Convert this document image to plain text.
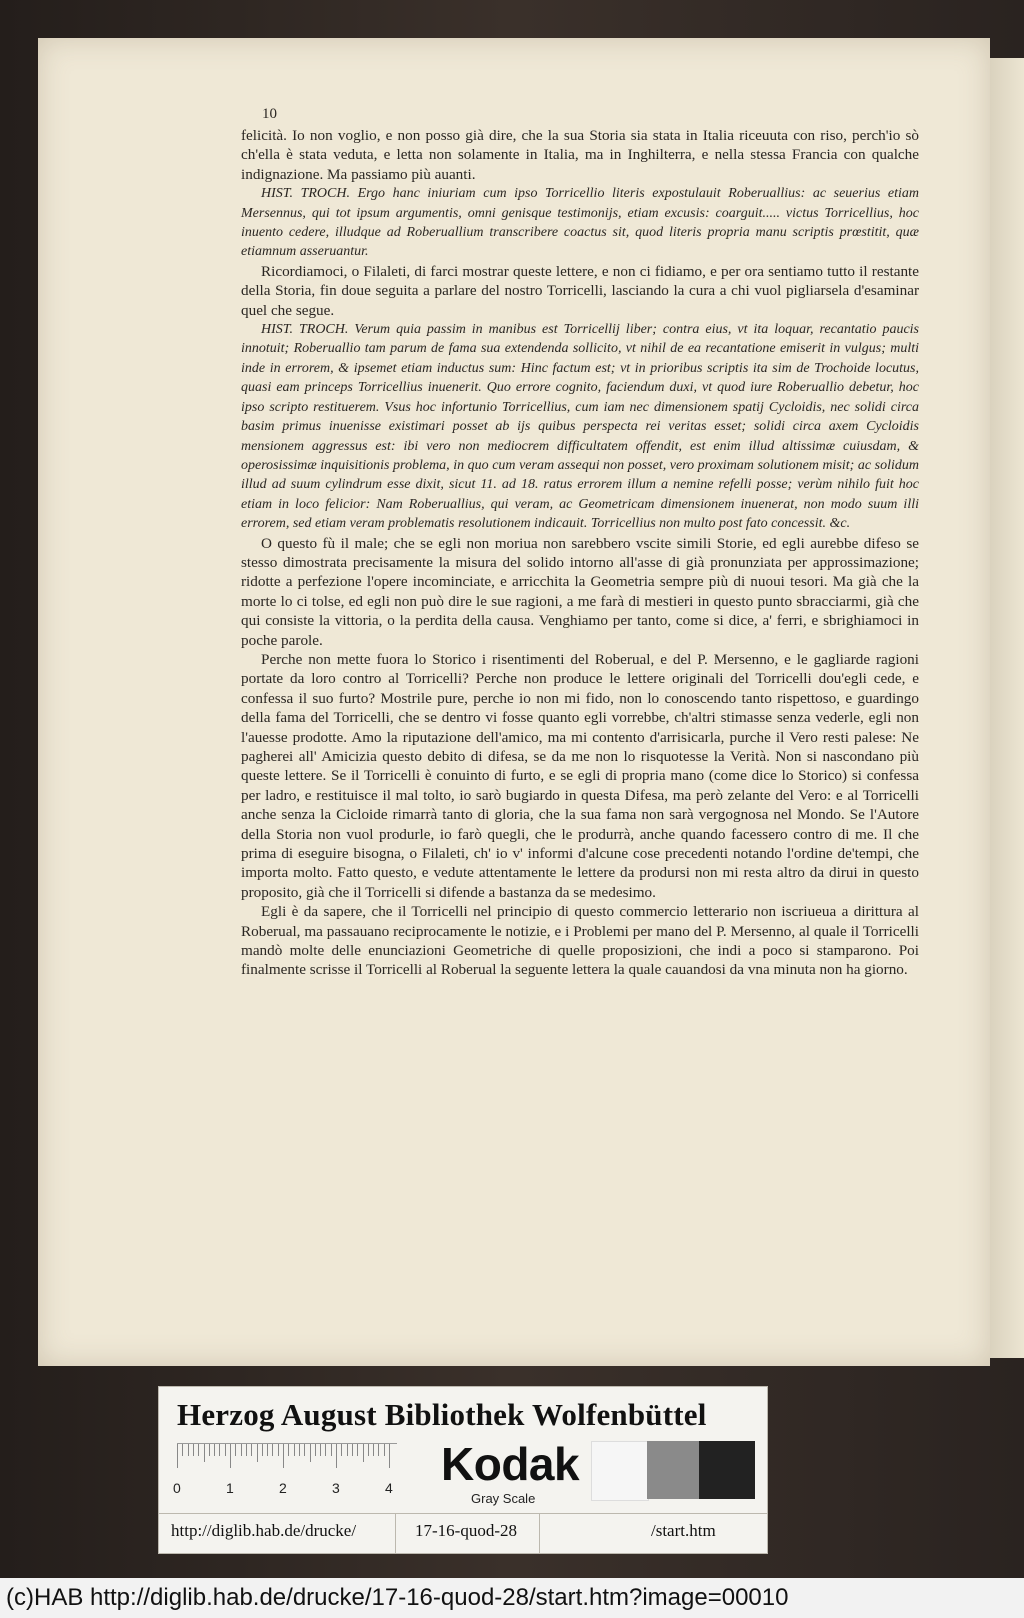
10

felicità. Io non voglio, e non posso già dire, che la sua Storia sia stata in Italia riceuuta con riso, perch'io sò ch'ella è stata veduta, e letta non solamente in Italia, ma in Inghilterra, e nella stessa Francia con qualche indignazione. Ma passiamo più auanti.

HIST. TROCH. Ergo hanc iniuriam cum ipso Torricellio literis expostulauit Roberuallius: ac seuerius etiam Mersennus, qui tot ipsum argumentis, omni genisque testimonijs, etiam excusis: coarguit..... victus Torricellius, hoc inuento cedere, illudque ad Roberuallium transcribere coactus sit, quod literis propria manu scriptis prœstitit, quæ etiamnum asseruantur.

Ricordiamoci, o Filaleti, di farci mostrar queste lettere, e non ci fidiamo, e per ora sentiamo tutto il restante della Storia, fin doue seguita a parlare del nostro Torricelli, lasciando la cura a chi vuol pigliarsela d'esaminar quel che segue.

HIST. TROCH. Verum quia passim in manibus est Torricellij liber; contra eius, vt ita loquar, recantatio paucis innotuit; Roberuallio tam parum de fama sua extendenda sollicito, vt nihil de ea recantatione emiserit in vulgus; multi inde in errorem, & ipsemet etiam inductus sum: Hinc factum est; vt in prioribus scriptis ita sim de Trochoide locutus, quasi eam princeps Torricellius inuenerit. Quo errore cognito, faciendum duxi, vt quod iure Roberuallio debetur, hoc ipso scripto restituerem. Vsus hoc infortunio Torricellius, cum iam nec dimensionem spatij Cycloidis, nec solidi circa basim primus inuenisse existimari posset ab ijs quibus perspecta rei veritas esset; solidi circa axem Cycloidis mensionem aggressus est: ibi vero non mediocrem difficultatem offendit, est enim illud altissimæ cuiusdam, & operosissimæ inquisitionis problema, in quo cum veram assequi non posset, vero proximam solutionem misit; ac solidum illud ad suum cylindrum esse dixit, sicut 11. ad 18. ratus errorem illum a nemine refelli posse; verùm nihilo fuit hoc etiam in loco felicior: Nam Roberuallius, qui veram, ac Geometricam dimensionem inuenerat, non modo suum illi errorem, sed etiam veram problematis resolutionem indicauit. Torricellius non multo post fato concessit. &c.

O questo fù il male; che se egli non moriua non sarebbero vscite simili Storie, ed egli aurebbe difeso se stesso dimostrata precisamente la misura del solido intorno all'asse di già pronunziata per approssimazione; ridotte a perfezione l'opere incominciate, e arricchita la Geometria sempre più di nuoui tesori. Ma già che la morte lo ci tolse, ed egli non può dire le sue ragioni, a me farà di mestieri in questo punto sbracciarmi, già che qui consiste la vittoria, o la perdita della causa. Venghiamo per tanto, come si dice, a' ferri, e sbrighiamoci in poche parole.

Perche non mette fuora lo Storico i risentimenti del Roberual, e del P. Mersenno, e le gagliarde ragioni portate da loro contro al Torricelli? Perche non produce le lettere originali del Torricelli dou'egli cede, e confessa il suo furto? Mostrile pure, perche io non mi fido, non lo conoscendo tanto rispettoso, e guardingo della fama del Torricelli, che se dentro vi fosse quanto egli vorrebbe, ch'altri stimasse senza vederle, egli non l'auesse prodotte. Amo la riputazione dell'amico, ma mi contento d'arrisicarla, purche il Vero resti palese: Ne pagherei all' Amicizia questo debito di difesa, se da me non lo risquotesse la Verità. Non si nascondano più queste lettere. Se il Torricelli è conuinto di furto, e se egli di propria mano (come dice lo Storico) si confessa per ladro, e restituisce il mal tolto, io sarò bugiardo in questa Difesa, ma però zelante del Vero: e al Torricelli anche senza la Cicloide rimarrà tanto di gloria, che la sua fama non sarà vergognosa nel Mondo. Se l'Autore della Storia non vuol produrle, io farò quegli, che le produrrà, anche quando facessero contro di me. Il che prima di eseguire bisogna, o Filaleti, ch' io v' informi d'alcune cose precedenti notando l'ordine de'tempi, che importa molto. Fatto questo, e vedute attentamente le lettere da prodursi non mi resta altro da dirui in questo proposito, già che il Torricelli si difende a bastanza da se medesimo.

Egli è da sapere, che il Torricelli nel principio di questo commercio letterario non iscriueua a dirittura al Roberual, ma passauano reciprocamente le notizie, e i Problemi per mano del P. Mersenno, al quale il Torricelli mandò molte delle enunciazioni Geometriche di quelle proposizioni, che indi a poco si stamparono. Poi finalmente scrisse il Torricelli al Roberual la seguente lettera la quale cauandosi da vna minuta non ha giorno.

Herzog August Bibliothek Wolfenbüttel
0	1	2	3	4 Kodak
Gray Scale
http://diglib.hab.de/drucke/	17-16-quod-28	/start.htm
(c)HAB http://diglib.hab.de/drucke/17-16-quod-28/start.htm?image=00010
